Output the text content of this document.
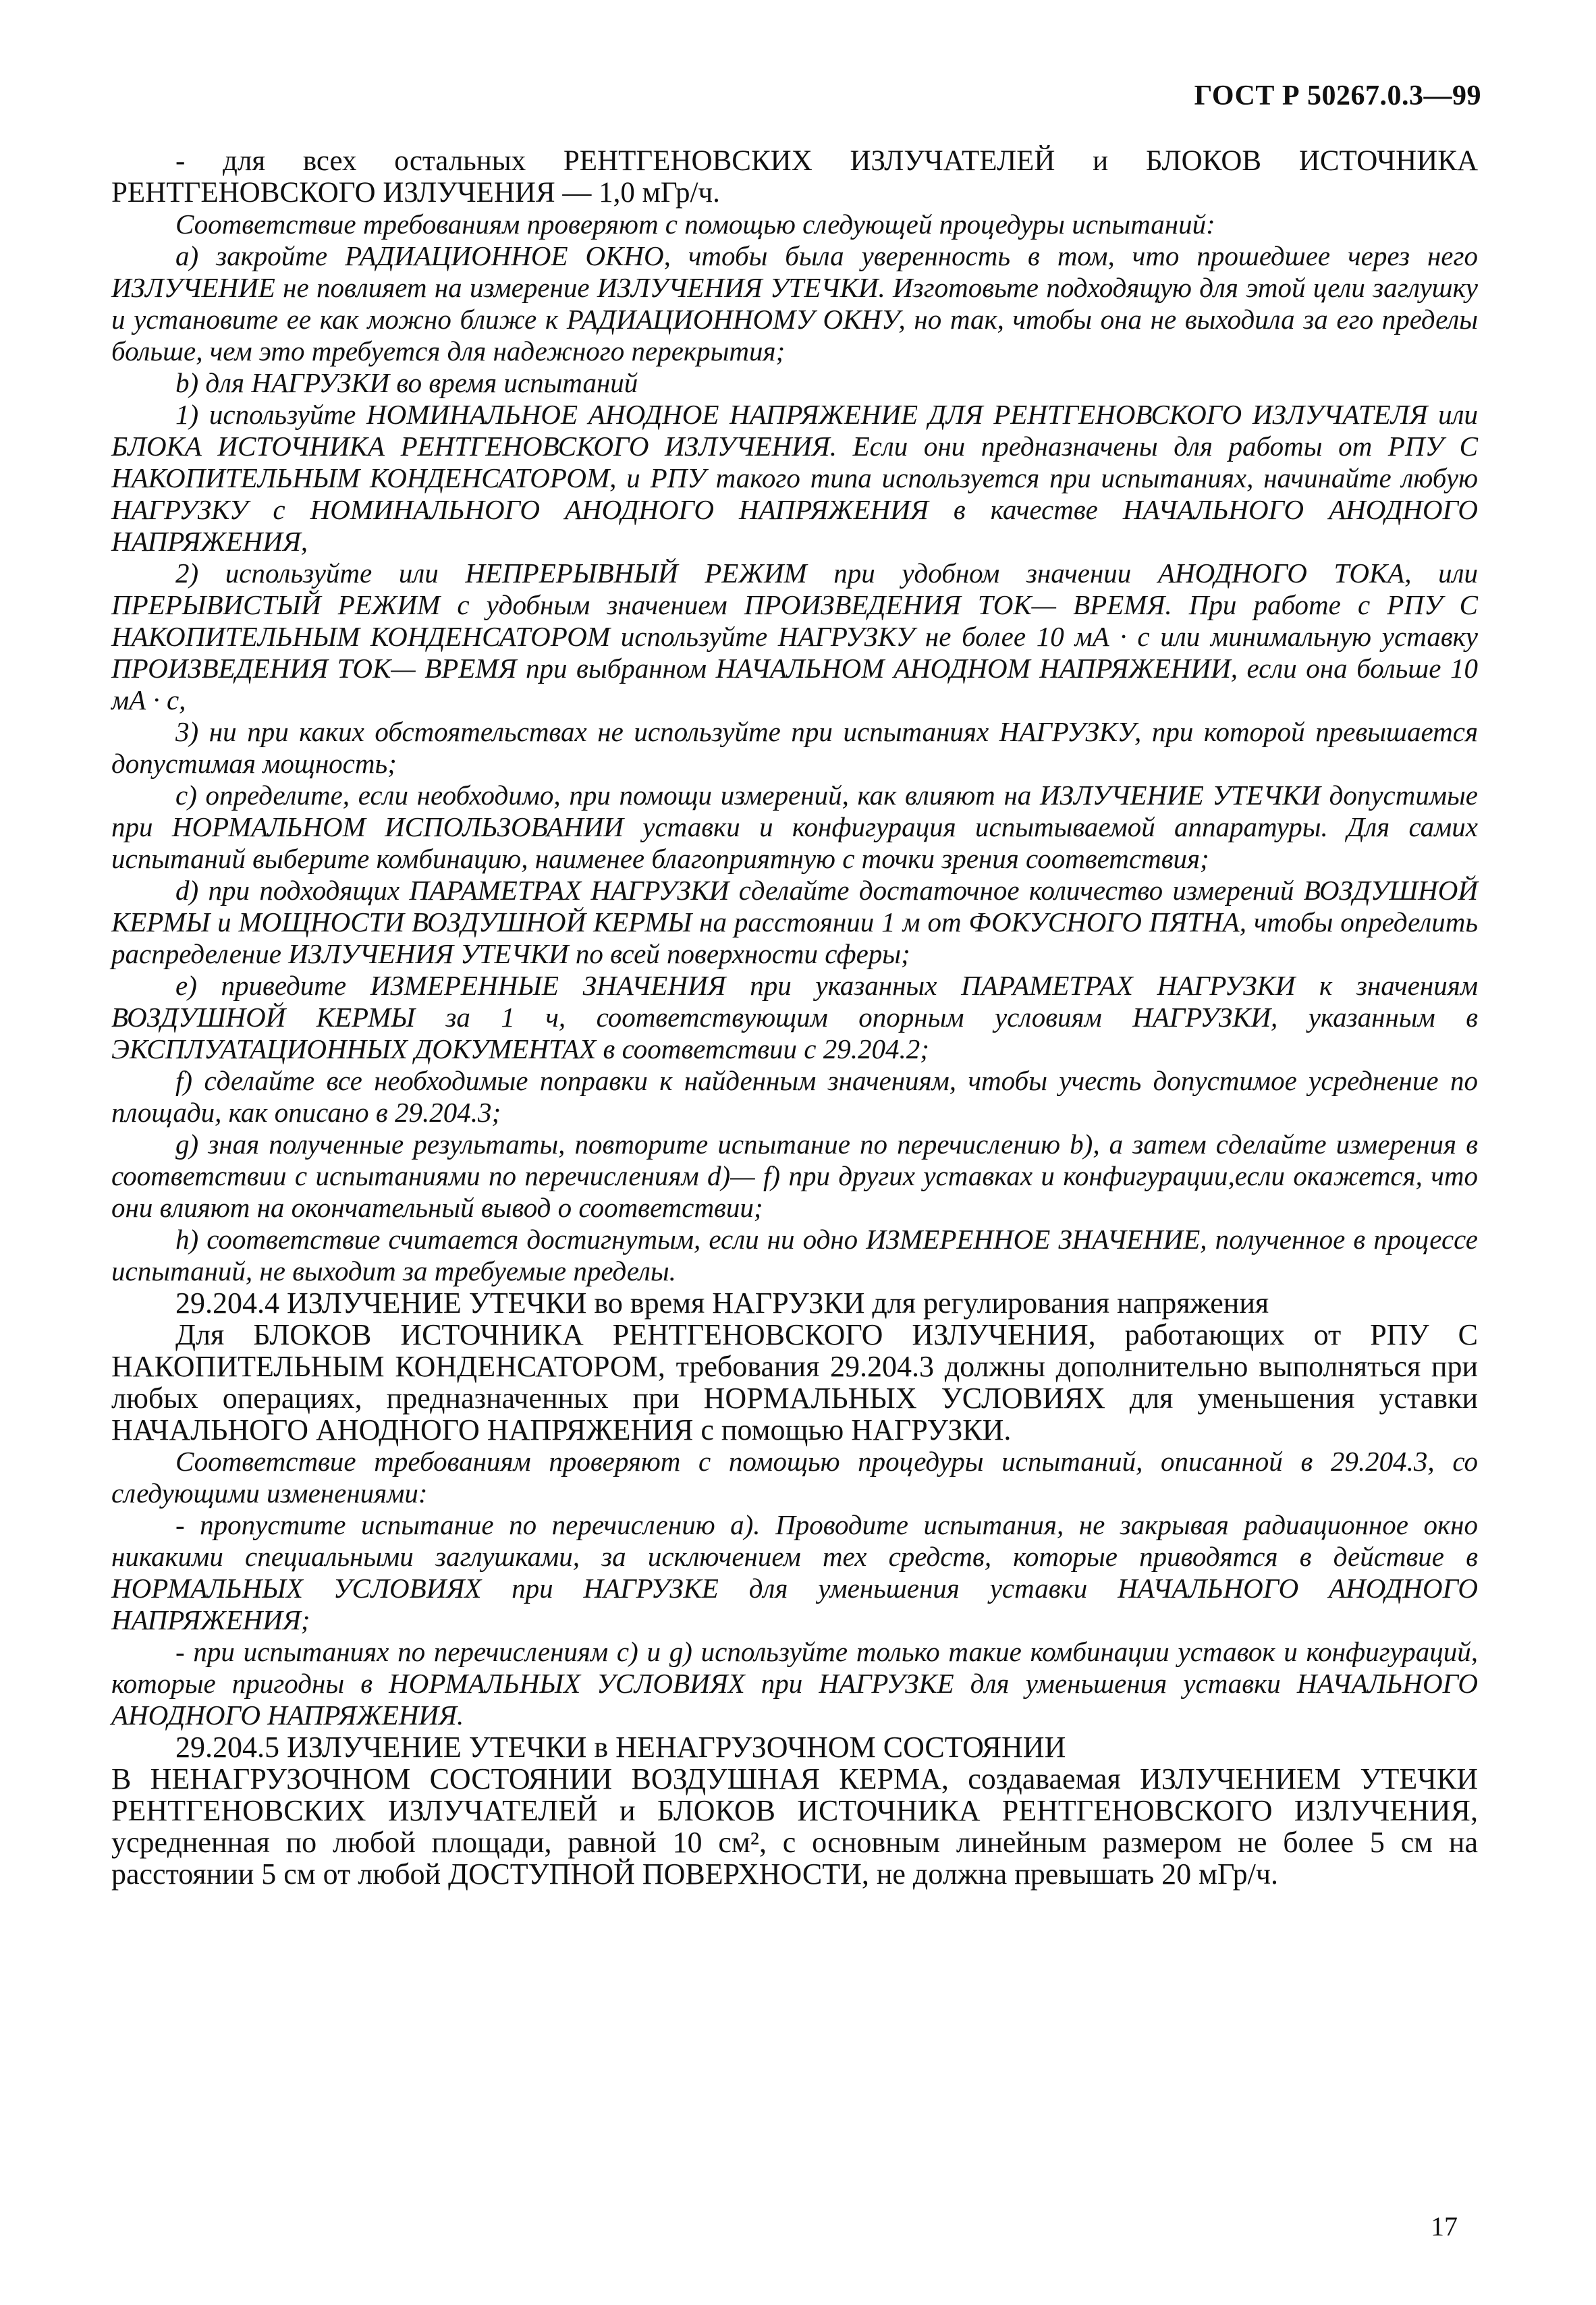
ГОСТ Р 50267.0.3—99

- для всех остальных РЕНТГЕНОВСКИХ ИЗЛУЧАТЕЛЕЙ и БЛОКОВ ИСТОЧНИКА РЕНТГЕНОВСКОГО ИЗЛУЧЕНИЯ — 1,0 мГр/ч.

Соответствие требованиям проверяют с помощью следующей процедуры испытаний:

a) закройте РАДИАЦИОННОЕ ОКНО, чтобы была уверенность в том, что прошедшее через него ИЗЛУЧЕНИЕ не повлияет на измерение ИЗЛУЧЕНИЯ УТЕЧКИ. Изготовьте подходящую для этой цели заглушку и установите ее как можно ближе к РАДИАЦИОННОМУ ОКНУ, но так, чтобы она не выходила за его пределы больше, чем это требуется для надежного перекрытия;

b) для НАГРУЗКИ во время испытаний

1) используйте НОМИНАЛЬНОЕ АНОДНОЕ НАПРЯЖЕНИЕ ДЛЯ РЕНТГЕНОВСКОГО ИЗЛУЧАТЕЛЯ или БЛОКА ИСТОЧНИКА РЕНТГЕНОВСКОГО ИЗЛУЧЕНИЯ. Если они предназначены для работы от РПУ С НАКОПИТЕЛЬНЫМ КОНДЕНСАТОРОМ, и РПУ такого типа используется при испытаниях, начинайте любую НАГРУЗКУ с НОМИНАЛЬНОГО АНОДНОГО НАПРЯЖЕНИЯ в качестве НАЧАЛЬНОГО АНОДНОГО НАПРЯЖЕНИЯ,

2) используйте или НЕПРЕРЫВНЫЙ РЕЖИМ при удобном значении АНОДНОГО ТОКА, или ПРЕРЫВИСТЫЙ РЕЖИМ с удобным значением ПРОИЗВЕДЕНИЯ ТОК— ВРЕМЯ. При работе с РПУ С НАКОПИТЕЛЬНЫМ КОНДЕНСАТОРОМ используйте НАГРУЗКУ не более 10 мА · с или минимальную уставку ПРОИЗВЕДЕНИЯ ТОК— ВРЕМЯ при выбранном НАЧАЛЬНОМ АНОДНОМ НАПРЯЖЕНИИ, если она больше 10 мА · с,

3) ни при каких обстоятельствах не используйте при испытаниях НАГРУЗКУ, при которой превышается допустимая мощность;

c) определите, если необходимо, при помощи измерений, как влияют на ИЗЛУЧЕНИЕ УТЕЧКИ допустимые при НОРМАЛЬНОМ ИСПОЛЬЗОВАНИИ уставки и конфигурация испытываемой аппаратуры. Для самих испытаний выберите комбинацию, наименее благоприятную с точки зрения соответствия;

d) при подходящих ПАРАМЕТРАХ НАГРУЗКИ сделайте достаточное количество измерений ВОЗДУШНОЙ КЕРМЫ и МОЩНОСТИ ВОЗДУШНОЙ КЕРМЫ на расстоянии 1 м от ФОКУСНОГО ПЯТНА, чтобы определить распределение ИЗЛУЧЕНИЯ УТЕЧКИ по всей поверхности сферы;

e) приведите ИЗМЕРЕННЫЕ ЗНАЧЕНИЯ при указанных ПАРАМЕТРАХ НАГРУЗКИ к значениям ВОЗДУШНОЙ КЕРМЫ за 1 ч, соответствующим опорным условиям НАГРУЗКИ, указанным в ЭКСПЛУАТАЦИОННЫХ ДОКУМЕНТАХ в соответствии с 29.204.2;

f) сделайте все необходимые поправки к найденным значениям, чтобы учесть допустимое усреднение по площади, как описано в 29.204.3;

g) зная полученные результаты, повторите испытание по перечислению b), а затем сделайте измерения в соответствии с испытаниями по перечислениям d)— f) при других уставках и конфигурации,если окажется, что они влияют на окончательный вывод о соответствии;

h) соответствие считается достигнутым, если ни одно ИЗМЕРЕННОЕ ЗНАЧЕНИЕ, полученное в процессе испытаний, не выходит за требуемые пределы.

29.204.4 ИЗЛУЧЕНИЕ УТЕЧКИ во время НАГРУЗКИ для регулирования напряжения

Для БЛОКОВ ИСТОЧНИКА РЕНТГЕНОВСКОГО ИЗЛУЧЕНИЯ, работающих от РПУ С НАКОПИТЕЛЬНЫМ КОНДЕНСАТОРОМ, требования 29.204.3 должны дополнительно выполняться при любых операциях, предназначенных при НОРМАЛЬНЫХ УСЛОВИЯХ для уменьшения уставки НАЧАЛЬНОГО АНОДНОГО НАПРЯЖЕНИЯ с помощью НАГРУЗКИ.

Соответствие требованиям проверяют с помощью процедуры испытаний, описанной в 29.204.3, со следующими изменениями:

- пропустите испытание по перечислению a). Проводите испытания, не закрывая радиационное окно никакими специальными заглушками, за исключением тех средств, которые приводятся в действие в НОРМАЛЬНЫХ УСЛОВИЯХ при НАГРУЗКЕ для уменьшения уставки НАЧАЛЬНОГО АНОДНОГО НАПРЯЖЕНИЯ;

- при испытаниях по перечислениям c) и g) используйте только такие комбинации уставок и конфигураций, которые пригодны в НОРМАЛЬНЫХ УСЛОВИЯХ при НАГРУЗКЕ для уменьшения уставки НАЧАЛЬНОГО АНОДНОГО НАПРЯЖЕНИЯ.

29.204.5 ИЗЛУЧЕНИЕ УТЕЧКИ в НЕНАГРУЗОЧНОМ СОСТОЯНИИ

В НЕНАГРУЗОЧНОМ СОСТОЯНИИ ВОЗДУШНАЯ КЕРМА, создаваемая ИЗЛУЧЕНИЕМ УТЕЧКИ РЕНТГЕНОВСКИХ ИЗЛУЧАТЕЛЕЙ и БЛОКОВ ИСТОЧНИКА РЕНТГЕНОВСКОГО ИЗЛУЧЕНИЯ, усредненная по любой площади, равной 10 см², с основным линейным размером не более 5 см на расстоянии 5 см от любой ДОСТУПНОЙ ПОВЕРХНОСТИ, не должна превышать 20 мГр/ч.

17
